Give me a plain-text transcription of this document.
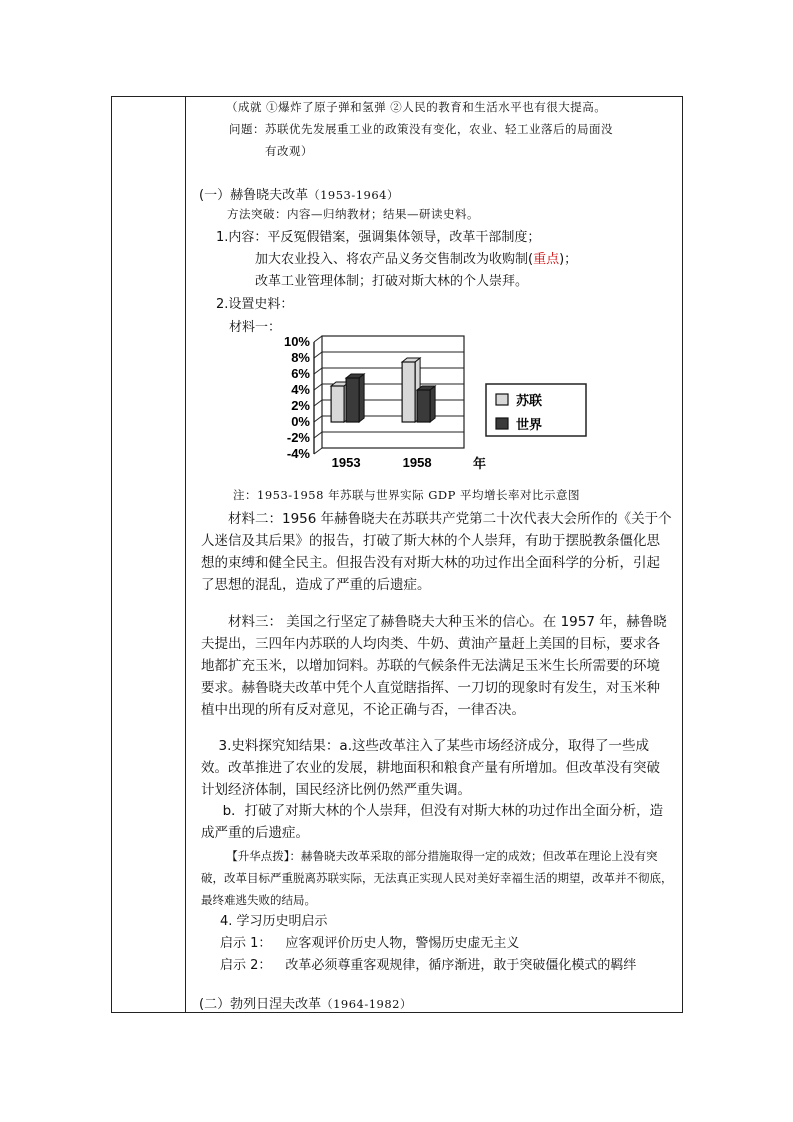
（成就 ①爆炸了原子弹和氢弹 ②人民的教育和生活水平也有很大提高。
问题：苏联优先发展重工业的政策没有变化，农业、轻工业落后的局面没
有改观）
(一）赫鲁晓夫改革（1953-1964）
方法突破：内容—归纳教材；结果—研读史料。
1.内容：平反冤假错案，强调集体领导，改革干部制度；
加大农业投入、将农产品义务交售制改为收购制(重点)；
改革工业管理体制；打破对斯大林的个人崇拜。
2.设置史料：
材料一：
10%
8%
6%
4%
2%
0%
-2%
-4%
1953	1958	年
苏联
世界
注：1953-1958 年苏联与世界实际 GDP 平均增长率对比示意图
材料二：1956 年赫鲁晓夫在苏联共产党第二十次代表大会所作的《关于个人迷信及其后果》的报告，打破了斯大林的个人崇拜，有助于摆脱教条僵化思想的束缚和健全民主。但报告没有对斯大林的功过作出全面科学的分析，引起了思想的混乱，造成了严重的后遗症。
材料三： 美国之行坚定了赫鲁晓夫大种玉米的信心。在 1957 年，赫鲁晓夫提出，三四年内苏联的人均肉类、牛奶、黄油产量赶上美国的目标，要求各地都扩充玉米，以增加饲料。苏联的气候条件无法满足玉米生长所需要的环境要求。赫鲁晓夫改革中凭个人直觉瞎指挥、一刀切的现象时有发生，对玉米种植中出现的所有反对意见，不论正确与否，一律否决。
3.史料探究知结果：a.这些改革注入了某些市场经济成分，取得了一些成效。改革推进了农业的发展，耕地面积和粮食产量有所增加。但改革没有突破计划经济体制，国民经济比例仍然严重失调。
b．打破了对斯大林的个人崇拜，但没有对斯大林的功过作出全面分析，造成严重的后遗症。
【升华点拨】：赫鲁晓夫改革采取的部分措施取得一定的成效；但改革在理论上没有突破，改革目标严重脱离苏联实际，无法真正实现人民对美好幸福生活的期望，改革并不彻底，最终难逃失败的结局。
4. 学习历史明启示
启示 1： 应客观评价历史人物，警惕历史虚无主义
启示 2： 改革必须尊重客观规律，循序渐进，敢于突破僵化模式的羁绊
(二）勃列日涅夫改革（1964-1982）
